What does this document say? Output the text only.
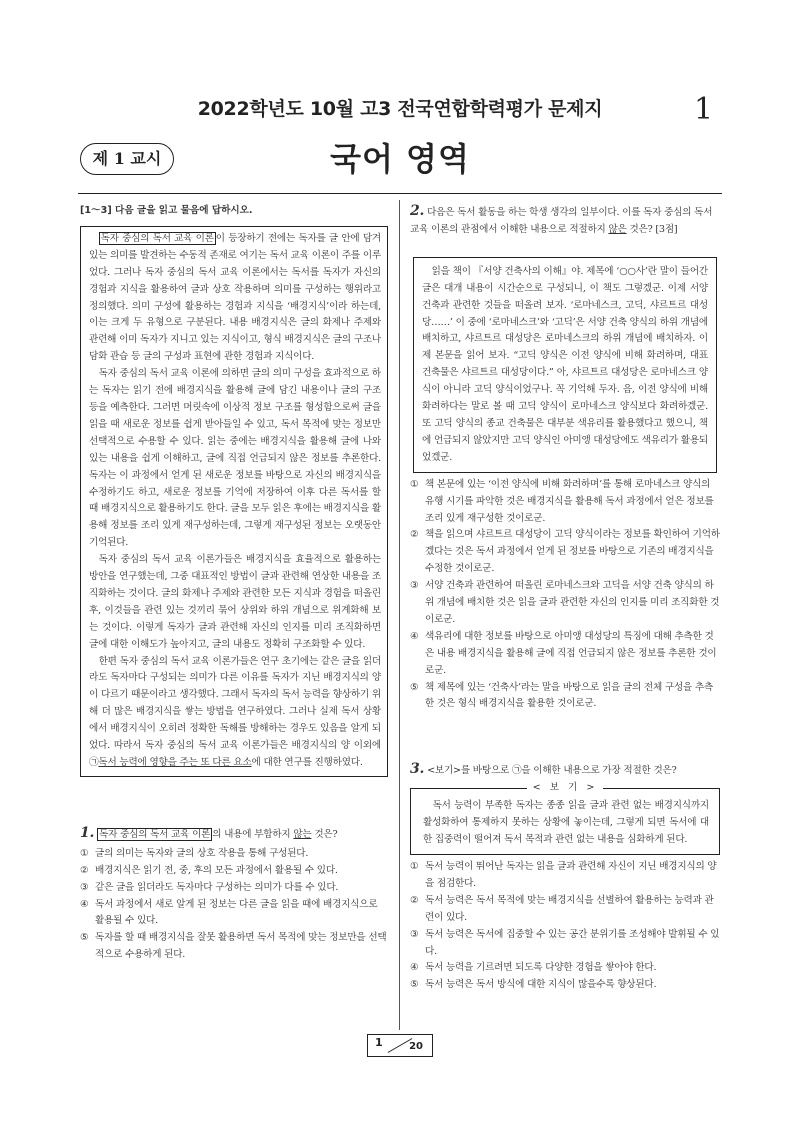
2022학년도 10월 고3 전국연합학력평가 문제지	1
제 1 교시	국어 영역
[1～3] 다음 글을 읽고 물음에 답하시오.

독자 중심의 독서 교육 이론 이 등장하기 전에는 독자를 글 안에 담겨 있는 의미를 발견하는 수동적 존재로 여기는 독서 교육 이론이 주를 이루었다. 그러나 독자 중심의 독서 교육 이론에서는 독서를 독자가 자신의 경험과 지식을 활용하여 글과 상호 작용하며 의미를 구성하는 행위라고 정의했다. 의미 구성에 활용하는 경험과 지식을 ‘배경지식’이라 하는데, 이는 크게 두 유형으로 구분된다. 내용 배경지식은 글의 화제나 주제와 관련해 이미 독자가 지니고 있는 지식이고, 형식 배경지식은 글의 구조나 담화 관습 등 글의 구성과 표현에 관한 경험과 지식이다.

독자 중심의 독서 교육 이론에 의하면 글의 의미 구성을 효과적으로 하는 독자는 읽기 전에 배경지식을 활용해 글에 담긴 내용이나 글의 구조 등을 예측한다. 그러면 머릿속에 이상적 정보 구조를 형성함으로써 글을 읽을 때 새로운 정보를 쉽게 받아들일 수 있고, 독서 목적에 맞는 정보만 선택적으로 수용할 수 있다. 읽는 중에는 배경지식을 활용해 글에 나와 있는 내용을 쉽게 이해하고, 글에 직접 언급되지 않은 정보를 추론한다. 독자는 이 과정에서 얻게 된 새로운 정보를 바탕으로 자신의 배경지식을 수정하기도 하고, 새로운 정보를 기억에 저장하여 이후 다른 독서를 할 때 배경지식으로 활용하기도 한다. 글을 모두 읽은 후에는 배경지식을 활용해 정보를 조리 있게 재구성하는데, 그렇게 재구성된 정보는 오랫동안 기억된다.

독자 중심의 독서 교육 이론가들은 배경지식을 효율적으로 활용하는 방안을 연구했는데, 그중 대표적인 방법이 글과 관련해 연상한 내용을 조직화하는 것이다. 글의 화제나 주제와 관련한 모든 지식과 경험을 떠올린 후, 이것들을 관련 있는 것끼리 묶어 상위와 하위 개념으로 위계화해 보는 것이다. 이렇게 독자가 글과 관련해 자신의 인지를 미리 조직화하면 글에 대한 이해도가 높아지고, 글의 내용도 정확히 구조화할 수 있다.

한편 독자 중심의 독서 교육 이론가들은 연구 초기에는 같은 글을 읽더라도 독자마다 구성되는 의미가 다른 이유를 독자가 지닌 배경지식의 양이 다르기 때문이라고 생각했다. 그래서 독자의 독서 능력을 향상하기 위해 더 많은 배경지식을 쌓는 방법을 연구하였다. 그러나 실제 독서 상황에서 배경지식이 오히려 정확한 독해를 방해하는 경우도 있음을 알게 되었다. 따라서 독자 중심의 독서 교육 이론가들은 배경지식의 양 이외에 ㉠독서 능력에 영향을 주는 또 다른 요소에 대한 연구를 진행하였다.

1. 독자 중심의 독서 교육 이론 의 내용에 부합하지 않는 것은?
① 글의 의미는 독자와 글의 상호 작용을 통해 구성된다.
② 배경지식은 읽기 전, 중, 후의 모든 과정에서 활용될 수 있다.
③ 같은 글을 읽더라도 독자마다 구성하는 의미가 다를 수 있다.
④ 독서 과정에서 새로 알게 된 정보는 다른 글을 읽을 때에 배경지식으로 활용될 수 있다.
⑤ 독자를 할 때 배경지식을 잘못 활용하면 독서 목적에 맞는 정보만을 선택적으로 수용하게 된다.
2. 다음은 독서 활동을 하는 학생 생각의 일부이다. 이를 독자 중심의 독서 교육 이론의 관점에서 이해한 내용으로 적절하지 않은 것은? [3점]

읽을 책이 『서양 건축사의 이해』야. 제목에 ‘○○사’란 말이 들어간 글은 대개 내용이 시간순으로 구성되니, 이 책도 그렇겠군. 이제 서양 건축과 관련한 것들을 떠올려 보자. ‘로마네스크, 고딕, 샤르트르 대성당……’ 이 중에 ‘로마네스크’와 ‘고딕’은 서양 건축 양식의 하위 개념에 배치하고, 샤르트르 대성당은 로마네스크의 하위 개념에 배치하자. 이제 본문을 읽어 보자. “고딕 양식은 이전 양식에 비해 화려하며, 대표 건축물은 샤르트르 대성당이다.” 아, 샤르트르 대성당은 로마네스크 양식이 아니라 고딕 양식이었구나. 꼭 기억해 두자. 음, 이전 양식에 비해 화려하다는 말로 볼 때 고딕 양식이 로마네스크 양식보다 화려하겠군. 또 고딕 양식의 종교 건축물은 대부분 색유리를 활용했다고 했으니, 책에 언급되지 않았지만 고딕 양식인 아미앵 대성당에도 색유리가 활용되었겠군.

① 책 본문에 있는 ‘이전 양식에 비해 화려하며’를 통해 로마네스크 양식의 유행 시기를 파악한 것은 배경지식을 활용해 독서 과정에서 얻은 정보를 조리 있게 재구성한 것이로군.
② 책을 읽으며 샤르트르 대성당이 고딕 양식이라는 정보를 확인하여 기억하겠다는 것은 독서 과정에서 얻게 된 정보를 바탕으로 기존의 배경지식을 수정한 것이로군.
③ 서양 건축과 관련하여 떠올린 로마네스크와 고딕을 서양 건축 양식의 하위 개념에 배치한 것은 읽을 글과 관련한 자신의 인지를 미리 조직화한 것이로군.
④ 색유리에 대한 정보를 바탕으로 아미앵 대성당의 특징에 대해 추측한 것은 내용 배경지식을 활용해 글에 직접 언급되지 않은 정보를 추론한 것이로군.
⑤ 책 제목에 있는 ‘건축사’라는 말을 바탕으로 읽을 글의 전체 구성을 추측한 것은 형식 배경지식을 활용한 것이로군.
3. <보기>를 바탕으로 ㉠을 이해한 내용으로 가장 적절한 것은?
< 보 기 >

독서 능력이 부족한 독자는 종종 읽을 글과 관련 없는 배경지식까지 활성화하여 통제하지 못하는 상황에 놓이는데, 그렇게 되면 독서에 대한 집중력이 떨어져 독서 목적과 관련 없는 내용을 심화하게 된다.

① 독서 능력이 뛰어난 독자는 읽을 글과 관련해 자신이 지닌 배경지식의 양을 점검한다.
② 독서 능력은 독서 목적에 맞는 배경지식을 선별하여 활용하는 능력과 관련이 있다.
③ 독서 능력은 독서에 집중할 수 있는 공간 분위기를 조성해야 발휘될 수 있다.
④ 독서 능력을 기르려면 되도록 다양한 경험을 쌓아야 한다.
⑤ 독서 능력은 독서 방식에 대한 지식이 많을수록 향상된다.
1	20
